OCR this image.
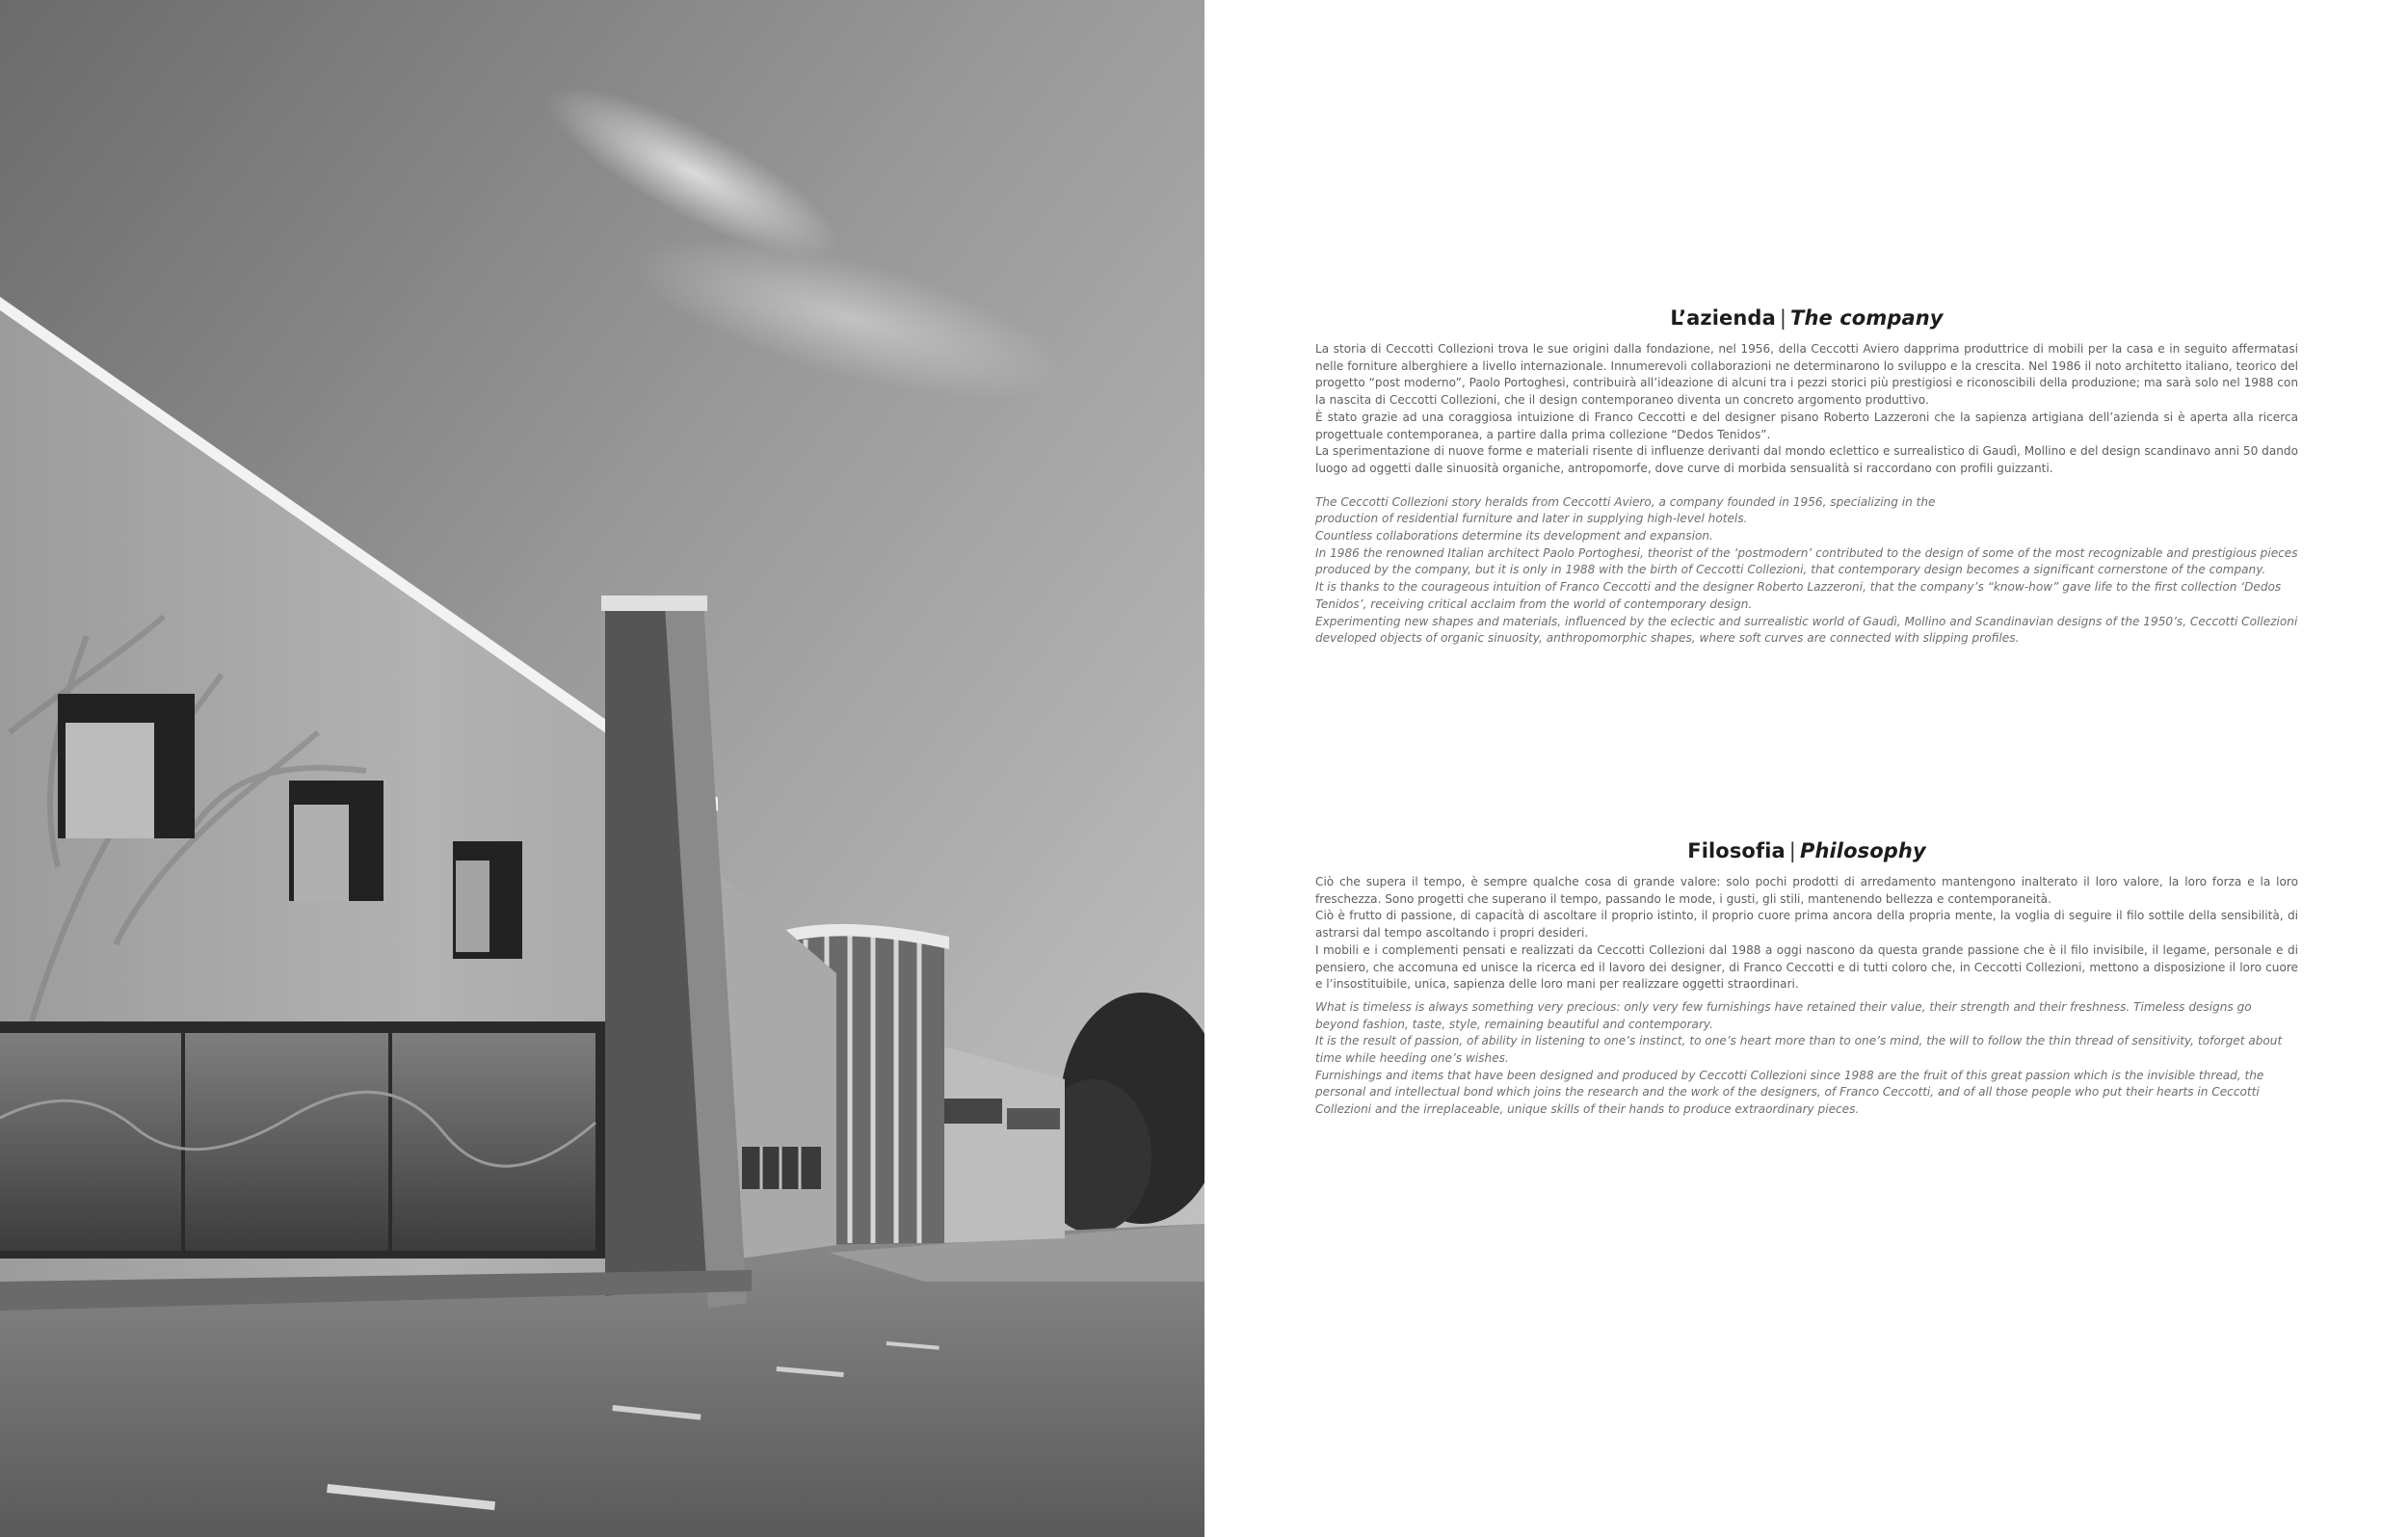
L’azienda | The company

La storia di Ceccotti Collezioni trova le sue origini dalla fondazione, nel 1956, della Ceccotti Aviero dapprima produttrice di mobili per la casa e in seguito affermatasi nelle forniture alberghiere a livello internazionale. Innumerevoli collaborazioni ne determinarono lo sviluppo e la crescita. Nel 1986 il noto architetto italiano, teorico del progetto “post moderno”, Paolo Portoghesi, contribuirà all’ideazione di alcuni tra i pezzi storici più prestigiosi e riconoscibili della produzione; ma sarà solo nel 1988 con la nascita di Ceccotti Collezioni, che il design contemporaneo diventa un concreto argomento produttivo.

È stato grazie ad una coraggiosa intuizione di Franco Ceccotti e del designer pisano Roberto Lazzeroni che la sapienza artigiana dell’azienda si è aperta alla ricerca progettuale contemporanea, a partire dalla prima collezione “Dedos Tenidos”.

La sperimentazione di nuove forme e materiali risente di influenze derivanti dal mondo eclettico e surrealistico di Gaudì, Mollino e del design scandinavo anni 50 dando luogo ad oggetti dalle sinuosità organiche, antropomorfe, dove curve di morbida sensualità si raccordano con profili guizzanti.

The Ceccotti Collezioni story heralds from Ceccotti Aviero, a company founded in 1956, specializing in the
production of residential furniture and later in supplying high-level hotels.

Countless collaborations determine its development and expansion.

In 1986 the renowned Italian architect Paolo Portoghesi, theorist of the ‘postmodern’ contributed to the design of some of the most recognizable and prestigious pieces produced by the company, but it is only in 1988 with the birth of Ceccotti Collezioni, that contemporary design becomes a significant cornerstone of the company.

It is thanks to the courageous intuition of Franco Ceccotti and the designer Roberto Lazzeroni, that the company’s “know-how” gave life to the first collection ‘Dedos Tenidos’, receiving critical acclaim from the world of contemporary design.

Experimenting new shapes and materials, influenced by the eclectic and surrealistic world of Gaudì, Mollino and Scandinavian designs of the 1950’s, Ceccotti Collezioni developed objects of organic sinuosity, anthropomorphic shapes, where soft curves are connected with slipping profiles.

Filosofia | Philosophy

Ciò che supera il tempo, è sempre qualche cosa di grande valore: solo pochi prodotti di arredamento mantengono inalterato il loro valore, la loro forza e la loro freschezza. Sono progetti che superano il tempo, passando le mode, i gusti, gli stili, mantenendo bellezza e contemporaneità.

Ciò è frutto di passione, di capacità di ascoltare il proprio istinto, il proprio cuore prima ancora della propria mente, la voglia di seguire il filo sottile della sensibilità, di astrarsi dal tempo ascoltando i propri desideri.

I mobili e i complementi pensati e realizzati da Ceccotti Collezioni dal 1988 a oggi nascono da questa grande passione che è il filo invisibile, il legame, personale e di pensiero, che accomuna ed unisce la ricerca ed il lavoro dei designer, di Franco Ceccotti e di tutti coloro che, in Ceccotti Collezioni, mettono a disposizione il loro cuore e l’insostituibile, unica, sapienza delle loro mani per realizzare oggetti straordinari.

What is timeless is always something very precious: only very few furnishings have retained their value, their strength and their freshness. Timeless designs go beyond fashion, taste, style, remaining beautiful and contemporary.

It is the result of passion, of ability in listening to one’s instinct, to one’s heart more than to one’s mind, the will to follow the thin thread of sensitivity, toforget about time while heeding one’s wishes.

Furnishings and items that have been designed and produced by Ceccotti Collezioni since 1988 are the fruit of this great passion which is the invisible thread, the personal and intellectual bond which joins the research and the work of the designers, of Franco Ceccotti, and of all those people who put their hearts in Ceccotti Collezioni and the irreplaceable, unique skills of their hands to produce extraordinary pieces.
